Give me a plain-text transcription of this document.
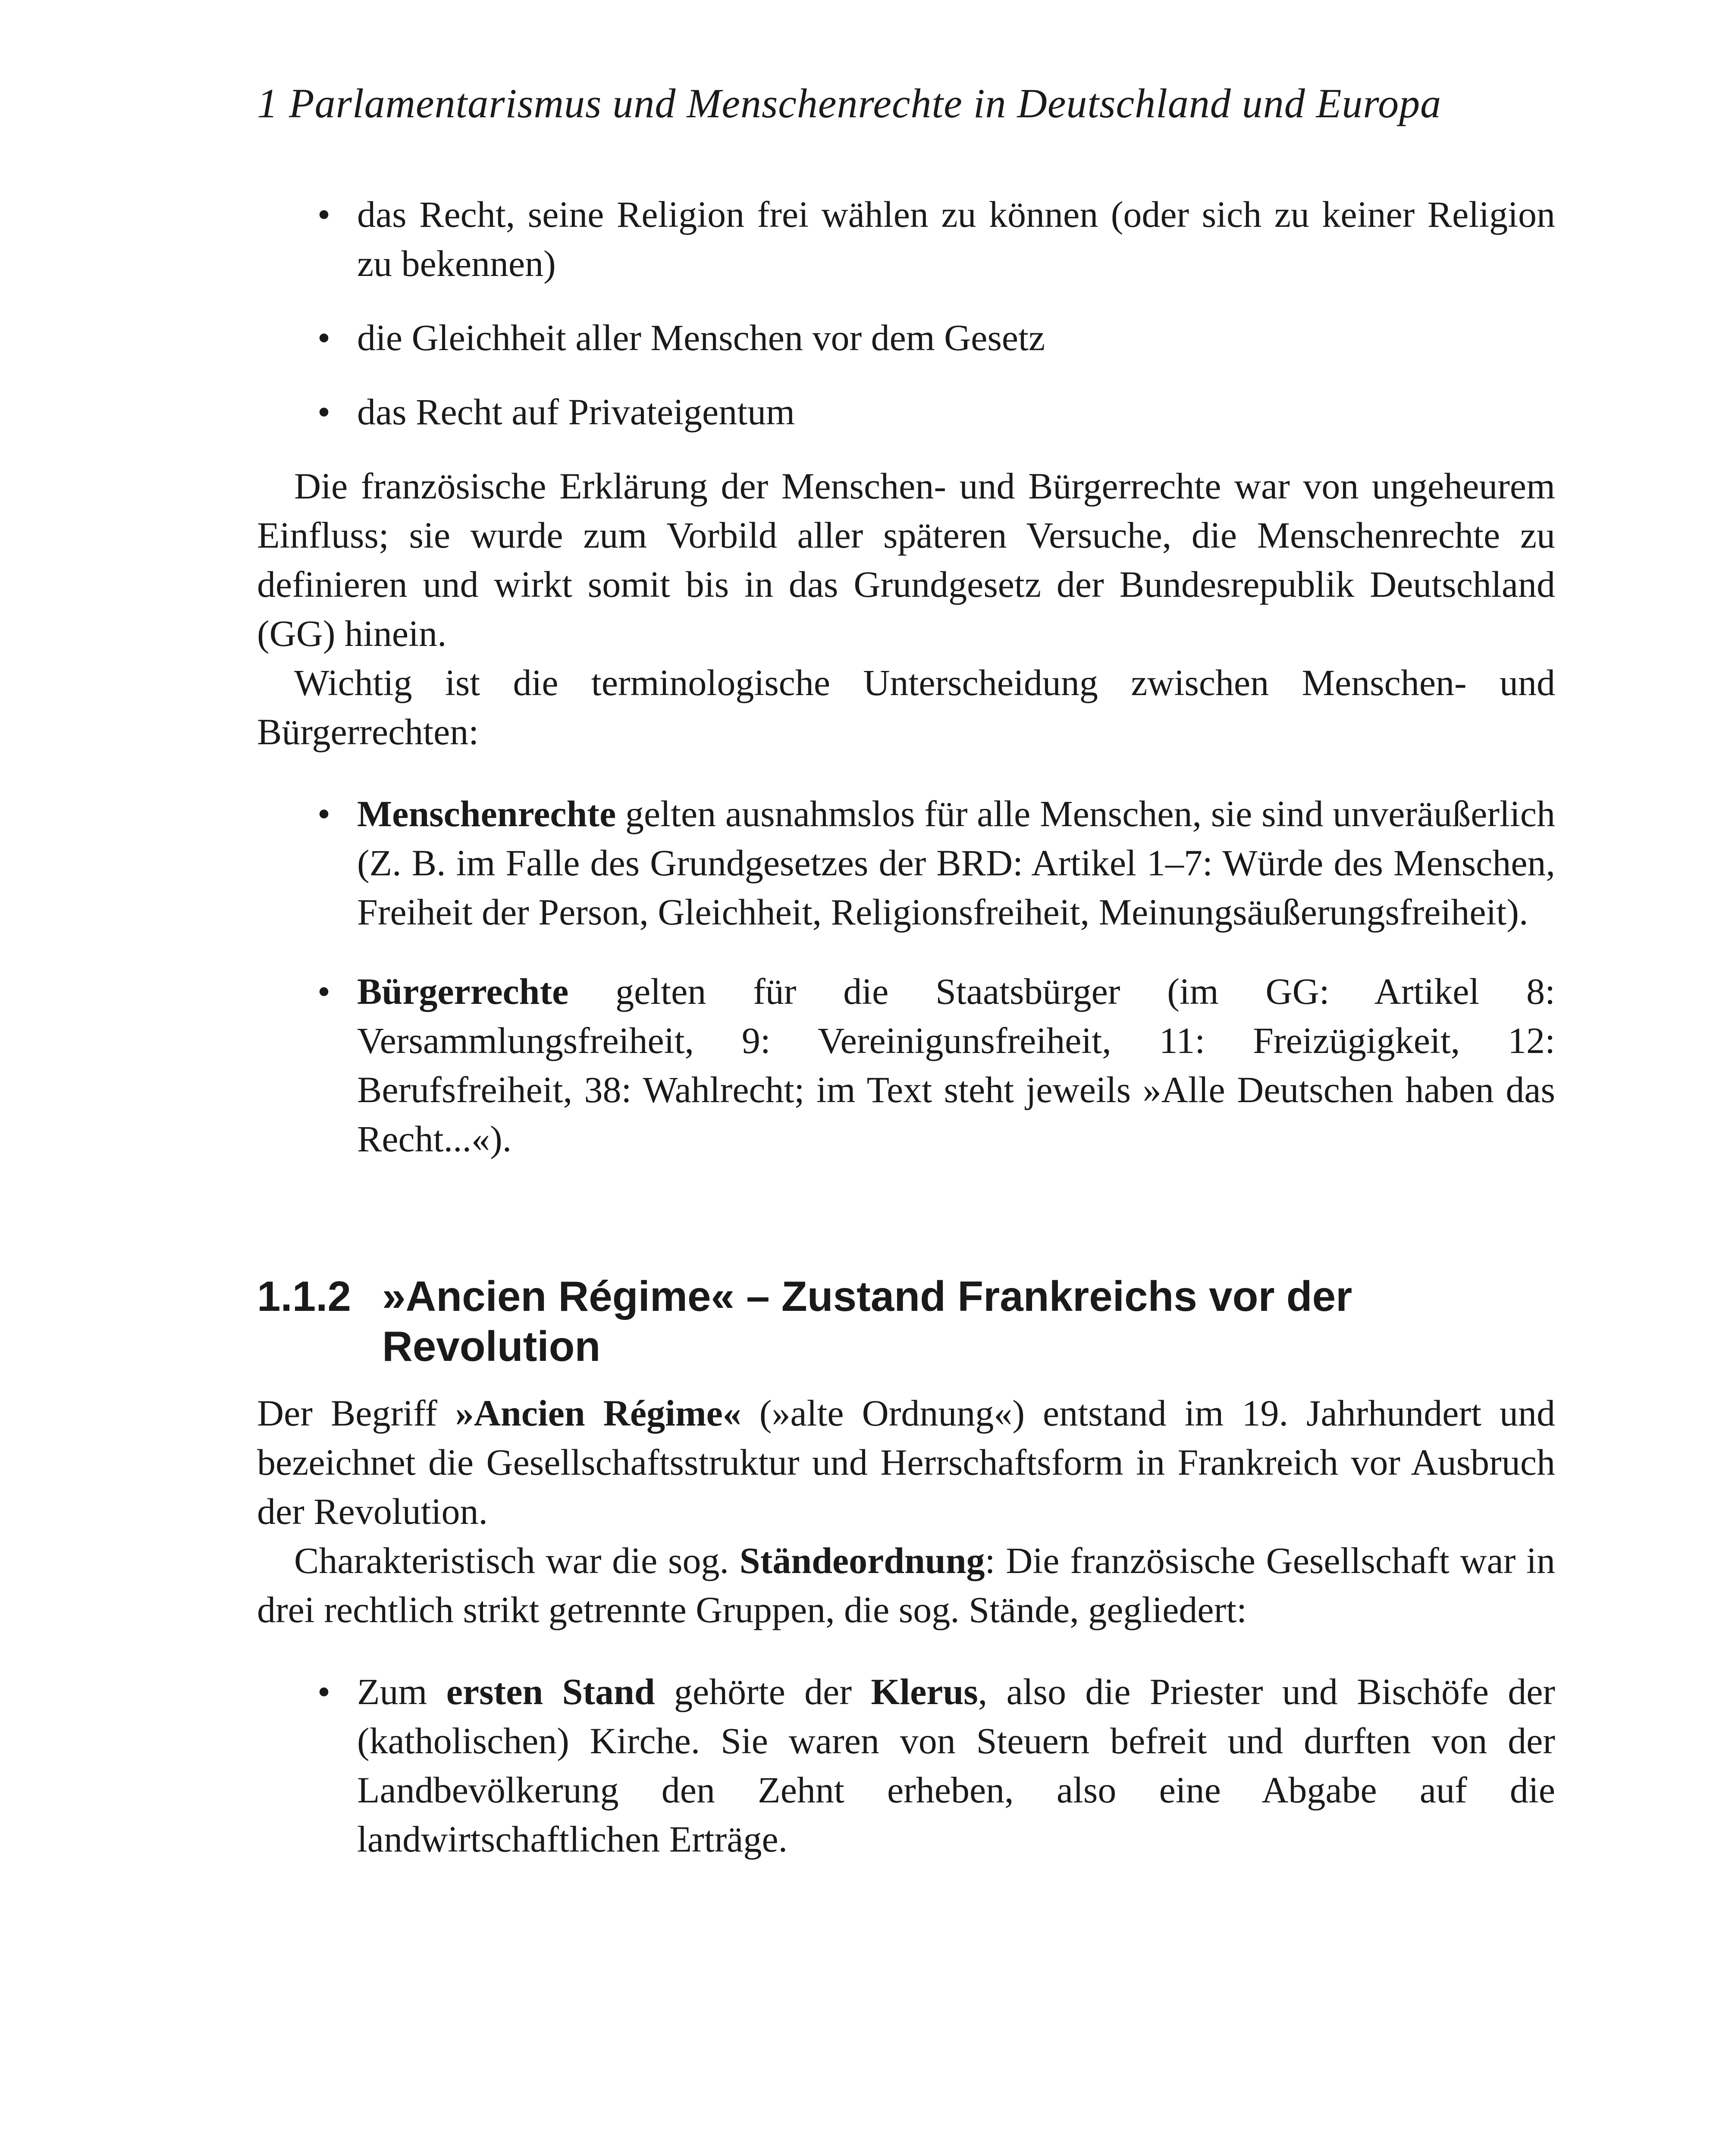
1 Parlamentarismus und Menschenrechte in Deutschland und Europa
• das Recht, seine Religion frei wählen zu können (oder sich zu keiner Religion zu bekennen)
• die Gleichheit aller Menschen vor dem Gesetz
• das Recht auf Privateigentum

Die französische Erklärung der Menschen- und Bürgerrechte war von ungeheurem Einfluss; sie wurde zum Vorbild aller späteren Versuche, die Menschenrechte zu definieren und wirkt somit bis in das Grundgesetz der Bundesrepublik Deutschland (GG) hinein.

Wichtig ist die terminologische Unterscheidung zwischen Menschen- und Bürgerrechten:

• Menschenrechte gelten ausnahmslos für alle Menschen, sie sind unveräußerlich (Z. B. im Falle des Grundgesetzes der BRD: Artikel 1–7: Würde des Menschen, Freiheit der Person, Gleichheit, Religionsfreiheit, Meinungsäußerungsfreiheit).
• Bürgerrechte gelten für die Staatsbürger (im GG: Artikel 8: Versammlungsfreiheit, 9: Vereinigunsfreiheit, 11: Freizügigkeit, 12: Berufsfreiheit, 38: Wahlrecht; im Text steht jeweils »Alle Deutschen haben das Recht...«).
1.1.2 »Ancien Régime« – Zustand Frankreichs vor der Revolution

Der Begriff »Ancien Régime« (»alte Ordnung«) entstand im 19. Jahrhundert und bezeichnet die Gesellschaftsstruktur und Herrschaftsform in Frankreich vor Ausbruch der Revolution.

Charakteristisch war die sog. Ständeordnung: Die französische Gesellschaft war in drei rechtlich strikt getrennte Gruppen, die sog. Stände, gegliedert:

• Zum ersten Stand gehörte der Klerus, also die Priester und Bischöfe der (katholischen) Kirche. Sie waren von Steuern befreit und durften von der Landbevölkerung den Zehnt erheben, also eine Abgabe auf die landwirtschaftlichen Erträge.
